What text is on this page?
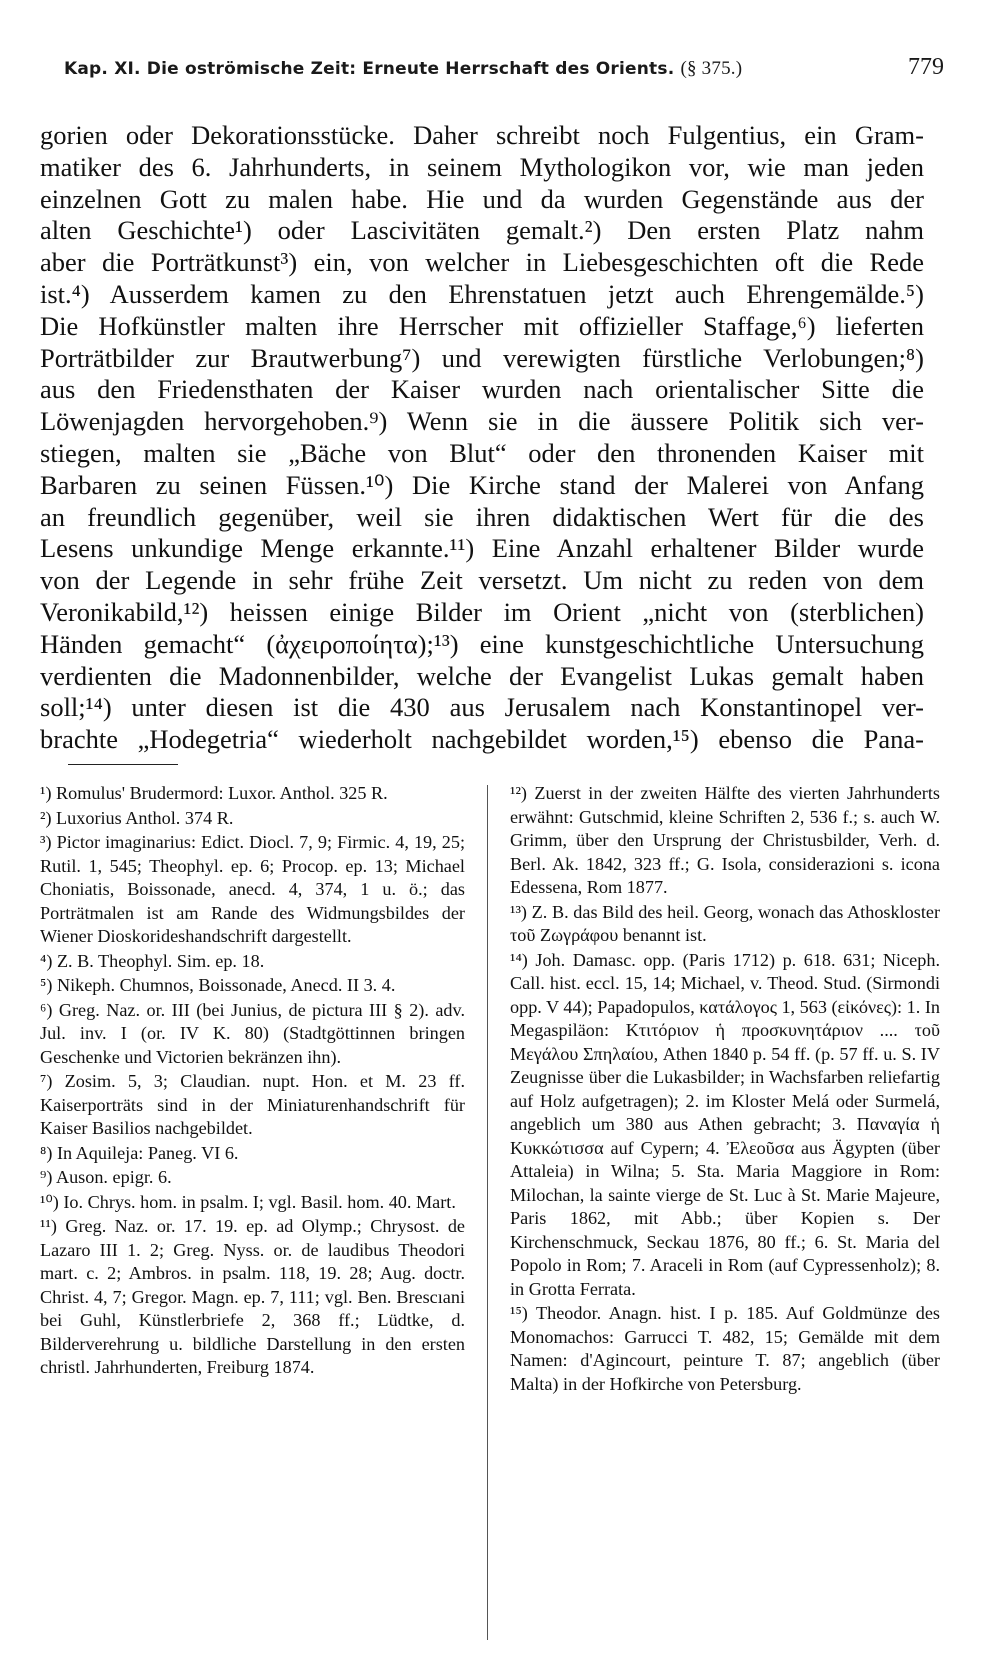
Kap. XI. Die oströmische Zeit: Erneute Herrschaft des Orients. (§ 375.)	779
gorien oder Dekorationsstücke. Daher schreibt noch Fulgentius, ein Gram-
matiker des 6. Jahrhunderts, in seinem Mythologikon vor, wie man jeden
einzelnen Gott zu malen habe. Hie und da wurden Gegenstände aus der
alten Geschichte¹) oder Lascivitäten gemalt.²) Den ersten Platz nahm
aber die Porträtkunst³) ein, von welcher in Liebesgeschichten oft die Rede
ist.⁴) Ausserdem kamen zu den Ehrenstatuen jetzt auch Ehrengemälde.⁵)
Die Hofkünstler malten ihre Herrscher mit offizieller Staffage,⁶) lieferten
Porträtbilder zur Brautwerbung⁷) und verewigten fürstliche Verlobungen;⁸)
aus den Friedensthaten der Kaiser wurden nach orientalischer Sitte die
Löwenjagden hervorgehoben.⁹) Wenn sie in die äussere Politik sich ver-
stiegen, malten sie „Bäche von Blut“ oder den thronenden Kaiser mit
Barbaren zu seinen Füssen.¹⁰) Die Kirche stand der Malerei von Anfang
an freundlich gegenüber, weil sie ihren didaktischen Wert für die des
Lesens unkundige Menge erkannte.¹¹) Eine Anzahl erhaltener Bilder wurde
von der Legende in sehr frühe Zeit versetzt. Um nicht zu reden von dem
Veronikabild,¹²) heissen einige Bilder im Orient „nicht von (sterblichen)
Händen gemacht“ (ἀχειροποίητα);¹³) eine kunstgeschichtliche Untersuchung
verdienten die Madonnenbilder, welche der Evangelist Lukas gemalt haben
soll;¹⁴) unter diesen ist die 430 aus Jerusalem nach Konstantinopel ver-
brachte „Hodegetria“ wiederholt nachgebildet worden,¹⁵) ebenso die Pana-
¹) Romulus' Brudermord: Luxor. Anthol. 325 R.
²) Luxorius Anthol. 374 R.
³) Pictor imaginarius: Edict. Diocl. 7, 9; Firmic. 4, 19, 25; Rutil. 1, 545; Theophyl. ep. 6; Procop. ep. 13; Michael Choniatis, Boissonade, anecd. 4, 374, 1 u. ö.; das Porträtmalen ist am Rande des Widmungsbildes der Wiener Dioskorideshandschrift dargestellt.
⁴) Z. B. Theophyl. Sim. ep. 18.
⁵) Nikeph. Chumnos, Boissonade, Anecd. II 3. 4.
⁶) Greg. Naz. or. III (bei Junius, de pictura III § 2). adv. Jul. inv. I (or. IV K. 80) (Stadtgöttinnen bringen Geschenke und Victorien bekränzen ihn).
⁷) Zosim. 5, 3; Claudian. nupt. Hon. et M. 23 ff. Kaiserporträts sind in der Miniaturenhandschrift für Kaiser Basilios nachgebildet.
⁸) In Aquileja: Paneg. VI 6.
⁹) Auson. epigr. 6.
¹⁰) Io. Chrys. hom. in psalm. I; vgl. Basil. hom. 40. Mart.
¹¹) Greg. Naz. or. 17. 19. ep. ad Olymp.; Chrysost. de Lazaro III 1. 2; Greg. Nyss. or. de laudibus Theodori mart. c. 2; Ambros. in psalm. 118, 19. 28; Aug. doctr. Christ. 4, 7; Gregor. Magn. ep. 7, 111; vgl. Ben. Brescıani bei Guhl, Künstlerbriefe 2, 368 ff.; Lüdtke, d. Bilderverehrung u. bildliche Darstellung in den ersten christl. Jahrhunderten, Freiburg 1874.
¹²) Zuerst in der zweiten Hälfte des vierten Jahrhunderts erwähnt: Gutschmid, kleine Schriften 2, 536 f.; s. auch W. Grimm, über den Ursprung der Christusbilder, Verh. d. Berl. Ak. 1842, 323 ff.; G. Isola, considerazioni s. icona Edessena, Rom 1877.
¹³) Z. B. das Bild des heil. Georg, wonach das Athoskloster τοῦ Ζωγράφου benannt ist.
¹⁴) Joh. Damasc. opp. (Paris 1712) p. 618. 631; Niceph. Call. hist. eccl. 15, 14; Michael, v. Theod. Stud. (Sirmondi opp. V 44); Papadopulos, κατάλογος 1, 563 (εἰκόνες): 1. In Megaspiläon: Κτιτόριον ἡ προσκυνητάριον .... τοῦ Μεγάλου Σπηλαίου, Athen 1840 p. 54 ff. (p. 57 ff. u. S. IV Zeugnisse über die Lukasbilder; in Wachsfarben reliefartig auf Holz aufgetragen); 2. im Kloster Melá oder Surmelá, angeblich um 380 aus Athen gebracht; 3. Παναγία ἡ Κυκκώτισσα auf Cypern; 4. Ἐλεοῦσα aus Ägypten (über Attaleia) in Wilna; 5. Sta. Maria Maggiore in Rom: Milochan, la sainte vierge de St. Luc à St. Marie Majeure, Paris 1862, mit Abb.; über Kopien s. Der Kirchenschmuck, Seckau 1876, 80 ff.; 6. St. Maria del Popolo in Rom; 7. Araceli in Rom (auf Cypressenholz); 8. in Grotta Ferrata.
¹⁵) Theodor. Anagn. hist. I p. 185. Auf Goldmünze des Monomachos: Garrucci T. 482, 15; Gemälde mit dem Namen: d'Agincourt, peinture T. 87; angeblich (über Malta) in der Hofkirche von Petersburg.
